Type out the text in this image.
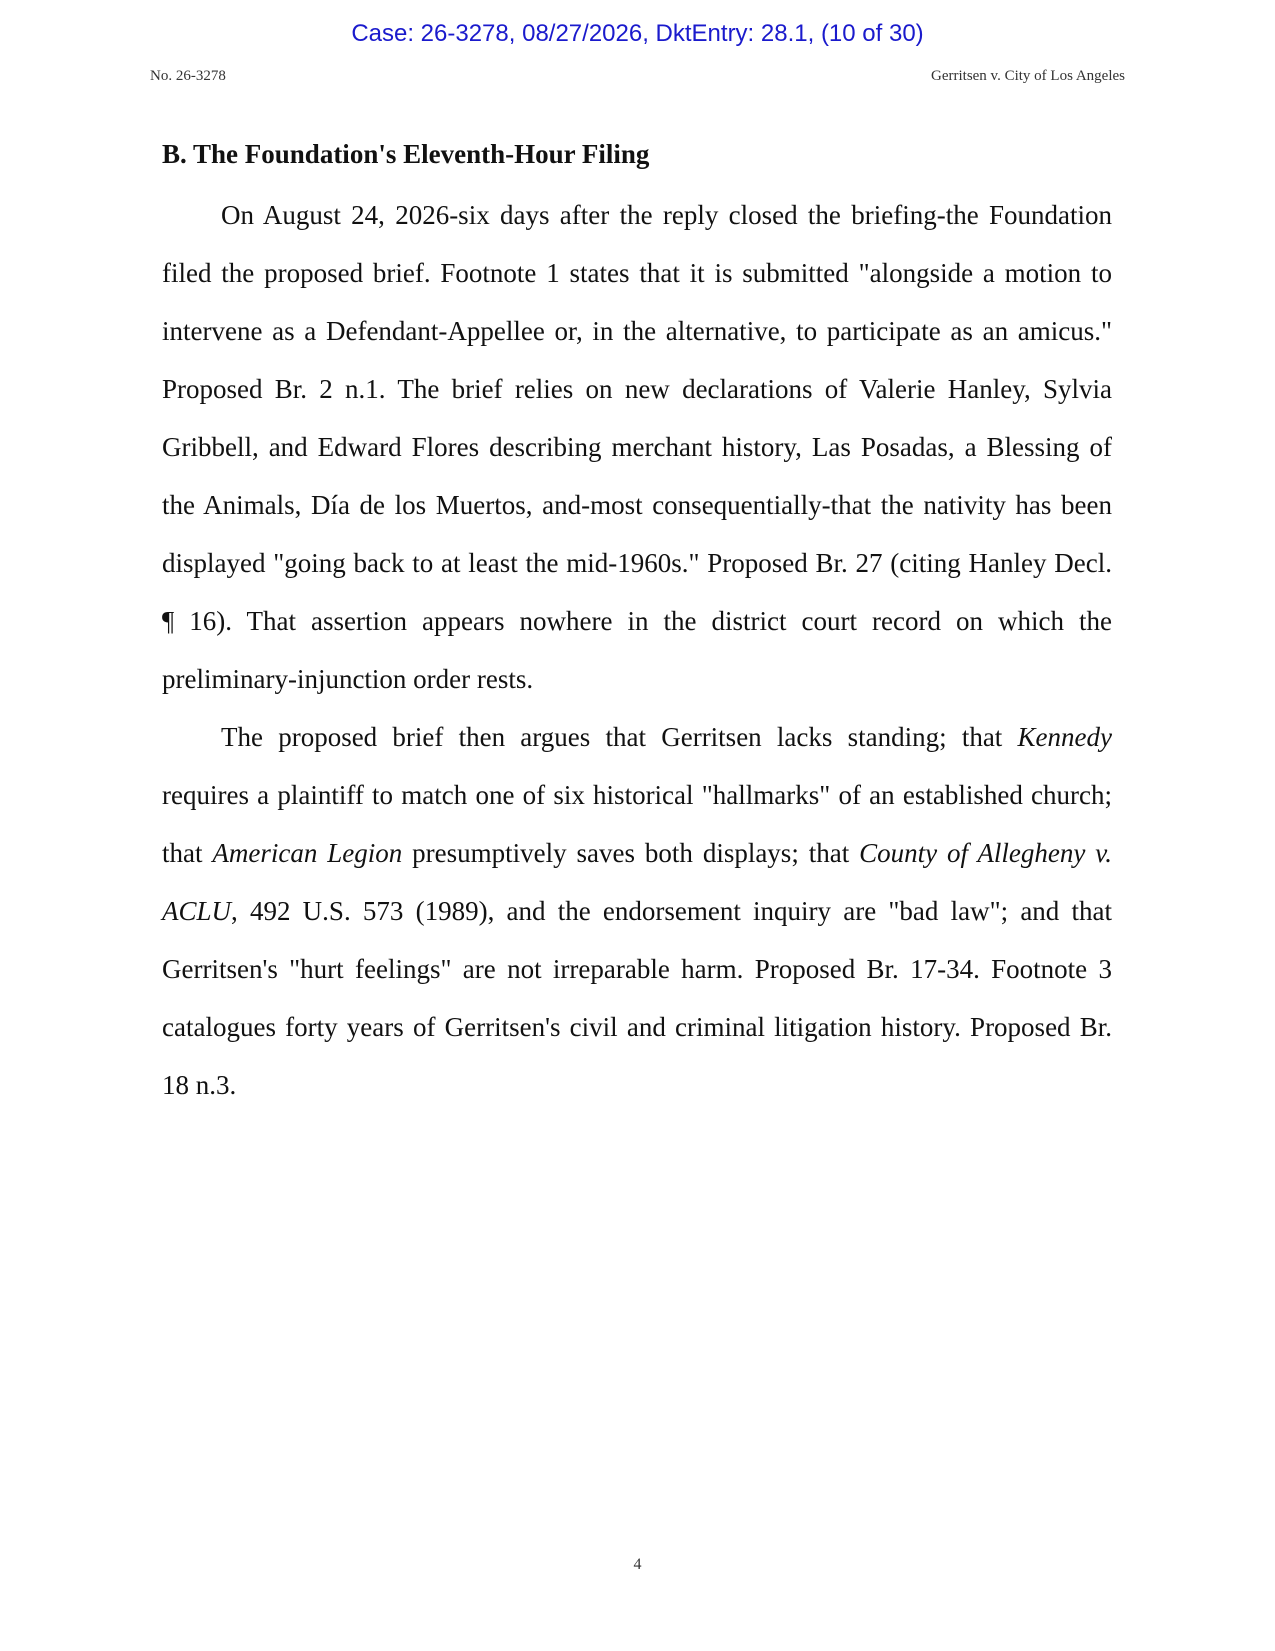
Case: 26-3278, 08/27/2026, DktEntry: 28.1, (10 of 30)
No. 26-3278	Gerritsen v. City of Los Angeles
B. The Foundation's Eleventh-Hour Filing

On August 24, 2026-six days after the reply closed the briefing-the Foundation filed the proposed brief. Footnote 1 states that it is submitted "alongside a motion to intervene as a Defendant-Appellee or, in the alternative, to participate as an amicus." Proposed Br. 2 n.1. The brief relies on new declarations of Valerie Hanley, Sylvia Gribbell, and Edward Flores describing merchant history, Las Posadas, a Blessing of the Animals, Día de los Muertos, and-most consequentially-that the nativity has been displayed "going back to at least the mid-1960s." Proposed Br. 27 (citing Hanley Decl. ¶ 16). That assertion appears nowhere in the district court record on which the preliminary-injunction order rests.

The proposed brief then argues that Gerritsen lacks standing; that Kennedy requires a plaintiff to match one of six historical "hallmarks" of an established church; that American Legion presumptively saves both displays; that County of Allegheny v. ACLU, 492 U.S. 573 (1989), and the endorsement inquiry are "bad law"; and that Gerritsen's "hurt feelings" are not irreparable harm. Proposed Br. 17-34. Footnote 3 catalogues forty years of Gerritsen's civil and criminal litigation history. Proposed Br. 18 n.3.

4
